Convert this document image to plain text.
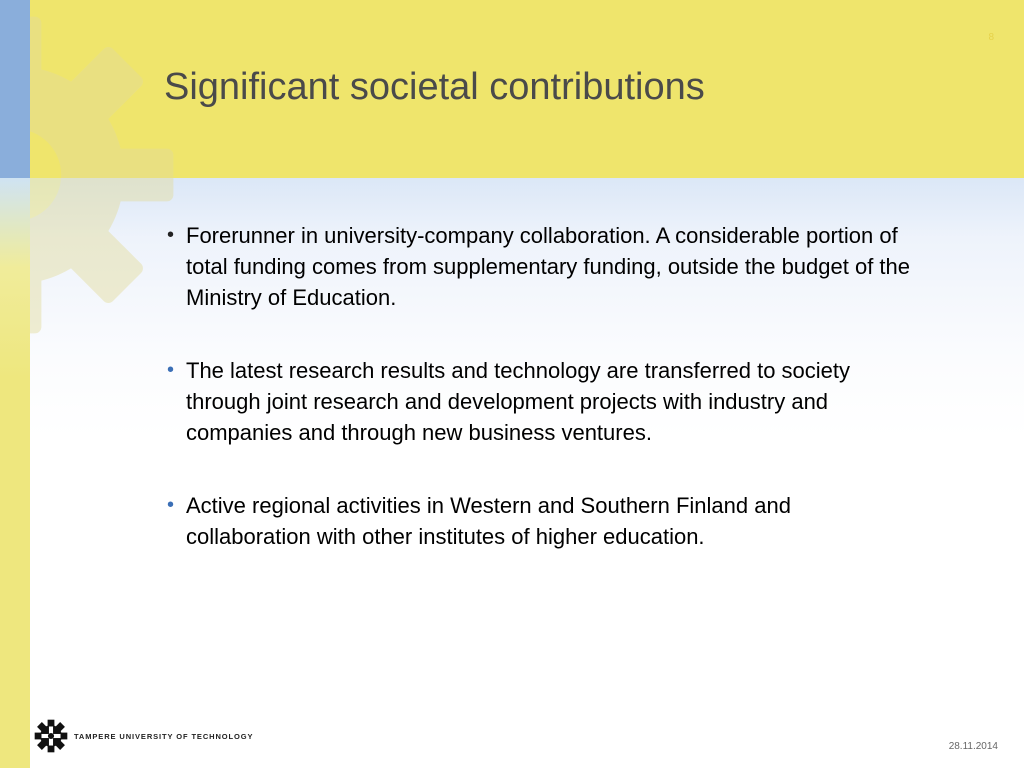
8
Significant societal contributions
• Forerunner in university-company collaboration. A considerable portion of total funding comes from supplementary funding, outside the budget of the Ministry of Education.
• The latest research results and technology are transferred to society through joint research and development projects with industry and companies and through new business ventures.
• Active regional activities in Western and Southern Finland and collaboration with other institutes of higher education.
TAMPERE UNIVERSITY OF TECHNOLOGY
28.11.2014
